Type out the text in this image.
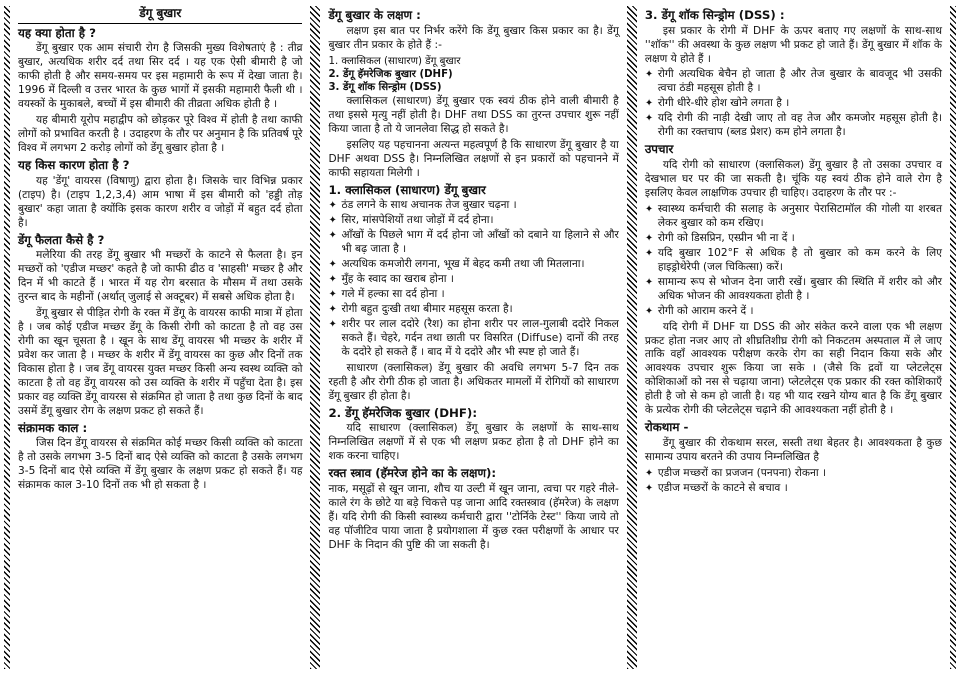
डेंगू बुखार
यह क्या होता है ?

डेंगू बुखार एक आम संचारी रोग है जिसकी मुख्य विशेषताएं है : तीव्र बुखार, अत्यधिक शरीर दर्द तथा सिर दर्द । यह एक ऐसी बीमारी है जो काफी होती है और समय-समय पर इस महामारी के रूप में देखा जाता है। 1996 में दिल्ली व उत्तर भारत के कुछ भागों में इसकी महामारी फैली थी । वयस्कों के मुकाबले, बच्चों में इस बीमारी की तीव्रता अधिक होती है ।

यह बीमारी यूरोप महाद्वीप को छोड़कर पूरे विश्व में होती है तथा काफी लोगों को प्रभावित करती है । उदाहरण के तौर पर अनुमान है कि प्रतिवर्ष पूरे विश्व में लगभग 2 करोड़ लोगों को डेंगू बुखार होता है ।

यह किस कारण होता है ?

यह 'डेंगू' वायरस (विषाणु) द्वारा होता है। जिसके चार विभिन्न प्रकार (टाइप) है। (टाइप 1,2,3,4) आम भाषा में इस बीमारी को 'हड्डी तोड़ बुखार' कहा जाता है क्योंकि इसक कारण शरीर व जोड़ों में बहुत दर्द होता है।

डेंगू फैलता कैसे है ?

मलेरिया की तरह डेंगू बुखार भी मच्छरों के काटने से फैलता है। इन मच्छरों को 'एडीज मच्छर' कहते है जो काफी ढीठ व 'साहसी' मच्छर है और दिन में भी काटते हैं । भारत में यह रोग बरसात के मौसम में तथा उसके तुरन्त बाद के महीनों (अर्थात् जुलाई से अक्टूबर) में सबसे अधिक होता है।

डेंगू बुखार से पीड़ित रोगी के रक्त में डेंगू के वायरस काफी मात्रा में होता है । जब कोई एडीज मच्छर डेंगू के किसी रोगी को काटता है तो वह उस रोगी का खून चूसता है । खून के साथ डेंगू वायरस भी मच्छर के शरीर में प्रवेश कर जाता है । मच्छर के शरीर में डेंगू वायरस का कुछ और दिनों तक विकास होता है । जब डेंगू वायरस युक्त मच्छर किसी अन्य स्वस्थ व्यक्ति को काटता है तो वह डेंगू वायरस को उस व्यक्ति के शरीर में पहुँचा देता है। इस प्रकार वह व्यक्ति डेंगू वायरस से संक्रमित हो जाता है तथा कुछ दिनों के बाद उसमें डेंगू बुखार रोग के लक्षण प्रकट हो सकते हैं।

संक्रामक काल :

जिस दिन डेंगू वायरस से संक्रमित कोई मच्छर किसी व्यक्ति को काटता है तो उसके लगभग 3-5 दिनों बाद ऐसे व्यक्ति को काटता है उसके लगभग 3-5 दिनों बाद ऐसे व्यक्ति में डेंगू बुखार के लक्षण प्रकट हो सकते हैं। यह संक्रामक काल 3-10 दिनों तक भी हो सकता है ।

डेंगू बुखार के लक्षण :

लक्षण इस बात पर निर्भर करेंगे कि डेंगू बुखार किस प्रकार का है। डेंगू बुखार तीन प्रकार के होते हैं :-

1. क्लासिकल (साधारण) डेंगू बुखार
2. डेंगू हॅमरेजिक बुखार (DHF)
3. डेंगू शॉक सिन्ड्रोम (DSS)

क्लासिकल (साधारण) डेंगू बुखार एक स्वयं ठीक होने वाली बीमारी है तथा इससे मृत्यु नहीं होती है। DHF तथा DSS का तुरन्त उपचार शुरू नहीं किया जाता है तो ये जानलेवा सिद्ध हो सकते है।

इसलिए यह पहचानना अत्यन्त महत्वपूर्ण है कि साधारण डेंगू बुखार है या DHF अथवा DSS है। निम्नलिखित लक्षणों से इन प्रकारों को पहचानने में काफी सहायता मिलेगी ।

1. क्लासिकल (साधारण) डेंगू बुखार
✦ ठंड लगने के साथ अचानक तेज बुखार चढ़ना ।
✦ सिर, मांसपेशियों तथा जोड़ों में दर्द होना।
✦ आँखों के पिछले भाग में दर्द होना जो आँखों को दबाने या हिलाने से और भी बढ़ जाता है ।
✦ अत्यधिक कमजोरी लगना, भूख में बेहद कमी तथा जी मितलाना।
✦ मुँह के स्वाद का खराब होना ।
✦ गले में हल्का सा दर्द होना ।
✦ रोगी बहुत दुःखी तथा बीमार महसूस करता है।
✦ शरीर पर लाल ददोरे (रैश) का होना शरीर पर लाल-गुलाबी ददोरे निकल सकते हैं। चेहरे, गर्दन तथा छाती पर विसरित (Diffuse) दानों की तरह के ददोरे हो सकते हैं । बाद में ये ददोरे और भी स्पष्ट हो जाते हैं।

साधारण (क्लासिकल) डेंगू बुखार की अवधि लगभग 5-7 दिन तक रहती है और रोगी ठीक हो जाता है। अधिकतर मामलों में रोगियों को साधारण डेंगू बुखार ही होता है।

2. डेंगू हॅमरेजिक बुखार (DHF):

यदि साधारण (क्लासिकल) डेंगू बुखार के लक्षणों के साथ-साथ निम्नलिखित लक्षणों में से एक भी लक्षण प्रकट होता है तो DHF होने का शक करना चाहिए।

रक्त स्त्राव (हॅमरेज होने का के लक्षण):

नाक, मसूढ़ों से खून जाना, शौच या उल्टी में खून जाना, त्वचा पर गहरे नीले-काले रंग के छोटे या बड़े चिकत्ते पड़ जाना आदि रक्तस्त्राव (हॅमरेज) के लक्षण हैं। यदि रोगी की किसी स्वास्थ्य कर्मचारी द्वारा ''टोर्निके टेस्ट'' किया जाये तो वह पॉजीटिव पाया जाता है प्रयोगशाला में कुछ रक्त परीक्षणों के आधार पर DHF के निदान की पुष्टि की जा सकती है।

3. डेंगू शॉक सिन्ड्रोम (DSS) :

इस प्रकार के रोगी में DHF के ऊपर बताए गए लक्षणों के साथ-साथ ''शॉक'' की अवस्था के कुछ लक्षण भी प्रकट हो जाते हैं। डेंगू बुखार में शॉक के लक्षण ये होते हैं ।

✦ रोगी अत्यधिक बेचैन हो जाता है और तेज बुखार के बावजूद भी उसकी त्वचा ठंडी महसूस होती है ।
✦ रोगी धीरे-धीरे होश खोने लगता है ।
✦ यदि रोगी की नाड़ी देखी जाए तो वह तेज और कमजोर महसूस होती है। रोगी का रक्तचाप (ब्लड प्रेशर) कम होने लगता है।
उपचार

यदि रोगी को साधारण (क्लासिकल) डेंगू बुखार है तो उसका उपचार व देखभाल घर पर की जा सकती है। चूंकि यह स्वयं ठीक होने वाले रोग है इसलिए केवल लाक्षणिक उपचार ही चाहिए। उदाहरण के तौर पर :-

✦ स्वास्थ्य कर्मचारी की सलाह के अनुसार पेरासिटामॉल की गोली या शरबत लेकर बुखार को कम रखिए।
✦ रोगी को डिसप्रिन, एस्प्रीन भी ना दें ।
✦ यदि बुखार 102°F से अधिक है तो बुखार को कम करने के लिए हाइड्रोथेरेपी (जल चिकित्सा) करें।
✦ सामान्य रूप से भोजन देना जारी रखें। बुखार की स्थिति में शरीर को और अधिक भोजन की आवश्यकता होती है ।
✦ रोगी को आराम करने दें ।

यदि रोगी में DHF या DSS की ओर संकेत करने वाला एक भी लक्षण प्रकट होता नजर आए तो शीघ्रतिशीघ्र रोगी को निकटतम अस्पताल में ले जाए ताकि वहाँ आवश्यक परीक्षण करके रोग का सही निदान किया सके और आवश्यक उपचार शुरू किया जा सके । (जैसे कि द्रवों या प्लेटलेट्स कोशिकाओं को नस से चढ़ाया जाना) प्लेटलेट्स एक प्रकार की रक्त कोशिकाएँ होती है जो से कम हो जाती है। यह भी याद रखने योग्य बात है कि डेंगू बुखार के प्रत्येक रोगी की प्लेटलेट्स चढ़ाने की आवश्यकता नहीं होती है ।

रोकथाम -

डेंगू बुखार की रोकथाम सरल, सस्ती तथा बेहतर है। आवश्यकता है कुछ सामान्य उपाय बरतने की उपाय निम्नलिखित है

✦ एडीज मच्छरों का प्रजजन (पनपना) रोकना ।
✦ एडीज मच्छरों के काटने से बचाव ।
